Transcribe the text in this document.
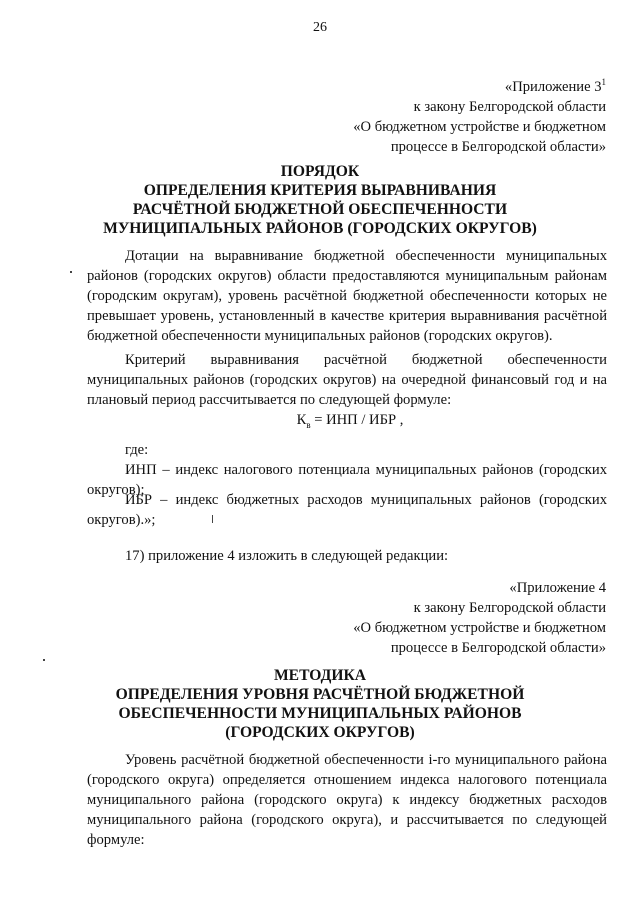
26
«Приложение $3^1$
к закону Белгородской области
«О бюджетном устройстве и бюджетном
процессе в Белгородской области»
ПОРЯДОК
ОПРЕДЕЛЕНИЯ КРИТЕРИЯ ВЫРАВНИВАНИЯ
РАСЧЁТНОЙ БЮДЖЕТНОЙ ОБЕСПЕЧЕННОСТИ
МУНИЦИПАЛЬНЫХ РАЙОНОВ (ГОРОДСКИХ ОКРУГОВ)
Дотации на выравнивание бюджетной обеспеченности муниципальных районов (городских округов) области предоставляются муниципальным районам (городским округам), уровень расчётной бюджетной обеспеченности которых не превышает уровень, установленный в качестве критерия выравнивания расчётной бюджетной обеспеченности муниципальных районов (городских округов).
Критерий выравнивания расчётной бюджетной обеспеченности муниципальных районов (городских округов) на очередной финансовый год и на плановый период рассчитывается по следующей формуле:
$К_в$ = ИНП / ИБР ,
где:
ИНП – индекс налогового потенциала муниципальных районов (городских округов);
ИБР – индекс бюджетных расходов муниципальных районов (городских округов).»;
17) приложение 4 изложить в следующей редакции:
«Приложение 4
к закону Белгородской области
«О бюджетном устройстве и бюджетном
процессе в Белгородской области»
МЕТОДИКА
ОПРЕДЕЛЕНИЯ УРОВНЯ РАСЧЁТНОЙ БЮДЖЕТНОЙ
ОБЕСПЕЧЕННОСТИ МУНИЦИПАЛЬНЫХ РАЙОНОВ
(ГОРОДСКИХ ОКРУГОВ)
Уровень расчётной бюджетной обеспеченности i-го муниципального района (городского округа) определяется отношением индекса налогового потенциала муниципального района (городского округа) к индексу бюджетных расходов муниципального района (городского округа), и рассчитывается по следующей формуле:
